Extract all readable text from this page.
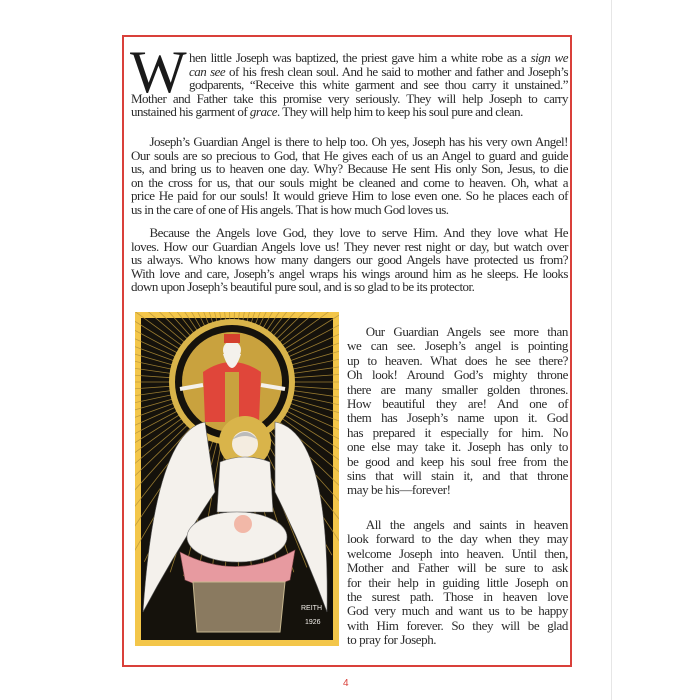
W hen little Joseph was baptized, the priest gave him a white robe as a sign we
can see of his fresh clean soul. And he said to mother and father and Joseph’s
godparents, “Receive this white garment and see thou carry it unstained.”
Mother and Father take this promise very seriously. They will help Joseph to carry
unstained his garment of grace. They will help him to keep his soul pure and clean.
  Joseph’s Guardian Angel is there to help too. Oh yes, Joseph has his very own Angel!
Our souls are so precious to God, that He gives each of us an Angel to guard and guide
us, and bring us to heaven one day. Why? Because He sent His only Son, Jesus, to die
on the cross for us, that our souls might be cleaned and come to heaven. Oh, what a
price He paid for our souls! It would grieve Him to lose even one. So he places each of
us in the care of one of His angels. That is how much God loves us.
  Because the Angels love God, they love to serve Him. And they love what He
loves. How our Guardian Angels love us! They never rest night or day, but watch over
us always. Who knows how many dangers our good Angels have protected us from?
With love and care, Joseph’s angel wraps his wings around him as he sleeps. He looks
down upon Joseph’s beautiful pure soul, and is so glad to be its protector.
  Our Guardian Angels see more than
we can see. Joseph’s angel is pointing
up to heaven. What does he see there?
Oh look! Around God’s mighty throne
there are many smaller golden thrones.
How beautiful they are! And one of
them has Joseph’s name upon it. God
has prepared it especially for him. No
one else may take it. Joseph has only to
be good and keep his soul free from the
sins that will stain it, and that throne
may be his—forever!
  All the angels and saints in heaven
look forward to the day when they may
welcome Joseph into heaven. Until then,
Mother and Father will be sure to ask
for their help in guiding little Joseph on
the surest path. Those in heaven love
God very much and want us to be happy
with Him forever. So they will be glad
to pray for Joseph.
REITH
1926
4
